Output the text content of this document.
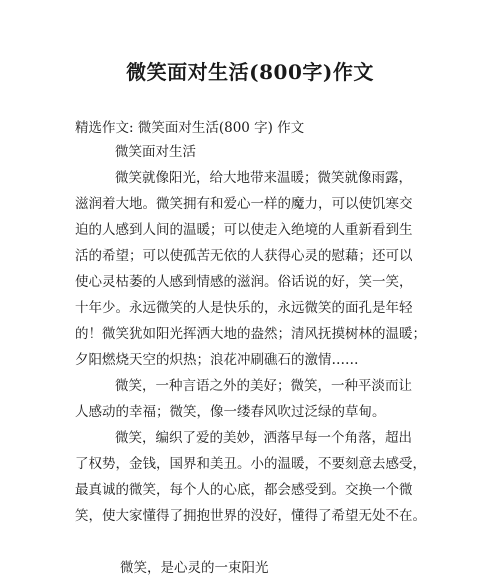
微笑面对生活(800字)作文
精选作文: 微笑面对生活(800 字) 作文
微笑面对生活
微笑就像阳光，给大地带来温暖；微笑就像雨露，
滋润着大地。微笑拥有和爱心一样的魔力，可以使饥寒交
迫的人感到人间的温暖；可以使走入绝境的人重新看到生
活的希望；可以使孤苦无依的人获得心灵的慰藉；还可以
使心灵枯萎的人感到情感的滋润。俗话说的好，笑一笑，
十年少。永远微笑的人是快乐的，永远微笑的面孔是年轻
的！微笑犹如阳光挥洒大地的盎然；清风抚摸树林的温暖；
夕阳燃烧天空的炽热；浪花冲刷礁石的激情……
微笑，一种言语之外的美好；微笑，一种平淡而让
人感动的幸福；微笑，像一缕春风吹过泛绿的草甸。
微笑，编织了爱的美妙，洒落早每一个角落，超出
了权势，金钱，国界和美丑。小的温暖，不要刻意去感受，
最真诚的微笑，每个人的心底，都会感受到。交换一个微
笑，使大家懂得了拥抱世界的没好，懂得了希望无处不在。
微笑，是心灵的一束阳光
